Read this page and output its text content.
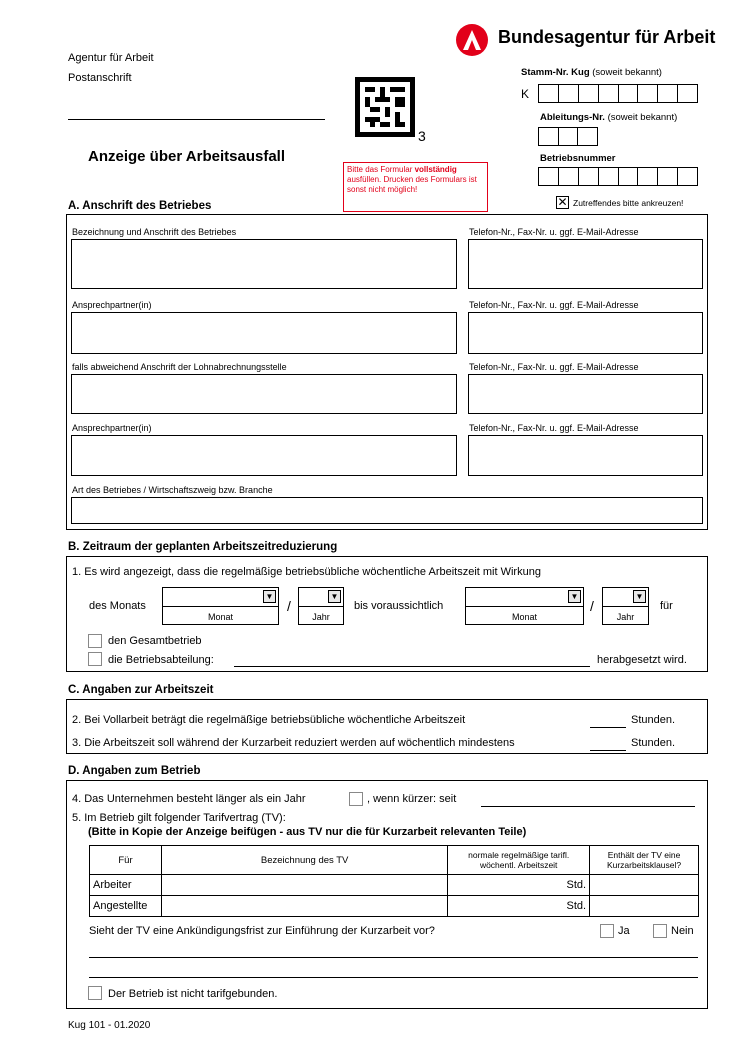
Bundesagentur für Arbeit
Agentur für Arbeit
Postanschrift
3
Anzeige über Arbeitsausfall
Bitte das Formular vollständig ausfüllen. Drucken des Formulars ist sonst nicht möglich!
Stamm-Nr. Kug (soweit bekannt)
K
Ableitungs-Nr. (soweit bekannt)
Betriebsnummer
✕ Zutreffendes bitte ankreuzen!
A. Anschrift des Betriebes
Bezeichnung und Anschrift des Betriebes	Telefon-Nr., Fax-Nr. u. ggf. E-Mail-Adresse
Ansprechpartner(in)	Telefon-Nr., Fax-Nr. u. ggf. E-Mail-Adresse
falls abweichend Anschrift der Lohnabrechnungsstelle	Telefon-Nr., Fax-Nr. u. ggf. E-Mail-Adresse
Ansprechpartner(in)	Telefon-Nr., Fax-Nr. u. ggf. E-Mail-Adresse
Art des Betriebes / Wirtschaftszweig bzw. Branche
B. Zeitraum der geplanten Arbeitszeitreduzierung
1. Es wird angezeigt, dass die regelmäßige betriebsübliche wöchentliche Arbeitszeit mit Wirkung
des Monats
▼
Monat
/
▼
Jahr
bis voraussichtlich
▼
Monat
/
▼
Jahr
für
den Gesamtbetrieb
die Betriebsabteilung:	herabgesetzt wird.
C. Angaben zur Arbeitszeit
2. Bei Vollarbeit beträgt die regelmäßige betriebsübliche wöchentliche Arbeitszeit	Stunden.
3. Die Arbeitszeit soll während der Kurzarbeit reduziert werden auf wöchentlich mindestens	Stunden.
D. Angaben zum Betrieb
4. Das Unternehmen besteht länger als ein Jahr	, wenn kürzer: seit
5. Im Betrieb gilt folgender Tarifvertrag (TV):
(Bitte in Kopie der Anzeige beifügen - aus TV nur die für Kurzarbeit relevanten Teile)
Für	Bezeichnung des TV	normale regelmäßige tarifl. wöchentl. Arbeitszeit	Enthält der TV eine Kurzarbeitsklausel?
Arbeiter		Std.	
Angestellte		Std.	
Sieht der TV eine Ankündigungsfrist zur Einführung der Kurzarbeit vor?	Ja	Nein
Der Betrieb ist nicht tarifgebunden.
Kug 101 - 01.2020
